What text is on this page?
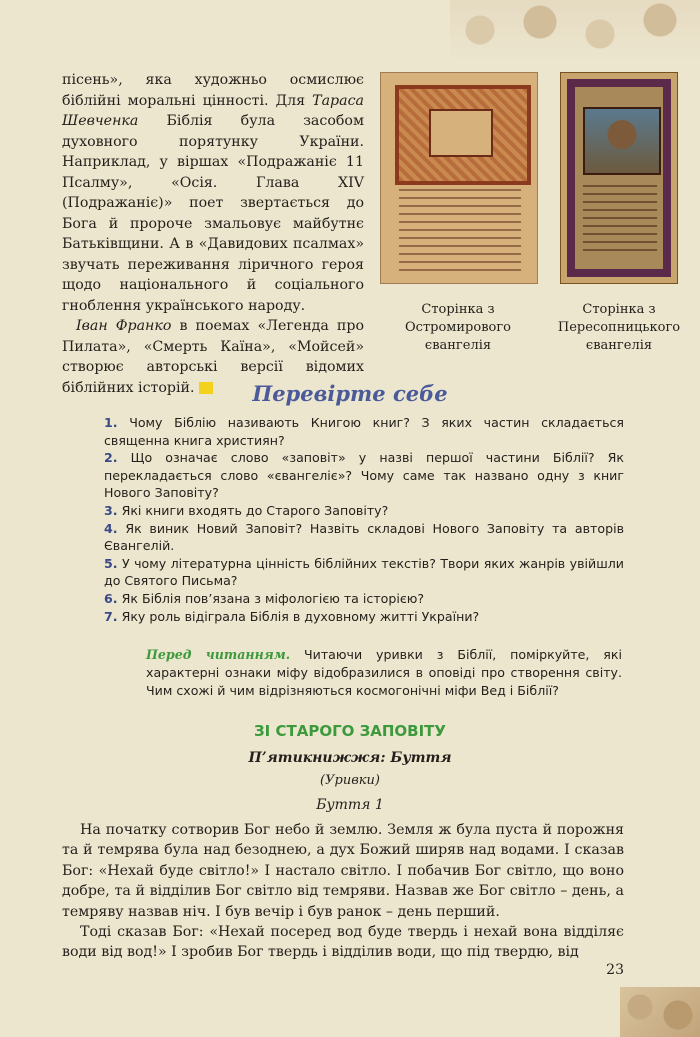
пісень», яка художньо осмислює біблійні моральні цінності. Для Тараса Шевченка Біблія була засобом духовного порятунку України. Наприклад, у віршах «Подражаніє 11 Псалму», «Осія. Глава XIV (Подражаніє)» поет звертається до Бога й пророче змальовує майбутнє Батьківщини. А в «Давидових псалмах» звучать переживання ліричного героя щодо національного й соціального гноблення українського народу.

Іван Франко в поемах «Легенда про Пилата», «Смерть Каїна», «Мойсей» створює авторські версії відомих біблійних історій.

Сторінка з Остромирового євангелія
Сторінка з Пересопницького євангелія
Перевірте себе

1. Чому Біблію називають Книгою книг? З яких частин складається священна книга християн?

2. Що означає слово «заповіт» у назві першої частини Біблії? Як перекладається слово «євангеліє»? Чому саме так названо одну з книг Нового Заповіту?

3. Які книги входять до Старого Заповіту?

4. Як виник Новий Заповіт? Назвіть складові Нового Заповіту та авторів Євангелій.

5. У чому літературна цінність біблійних текстів? Твори яких жанрів увійшли до Святого Письма?

6. Як Біблія пов’язана з міфологією та історією?

7. Яку роль відіграла Біблія в духовному житті України?

Перед читанням. Читаючи уривки з Біблії, поміркуйте, які характерні ознаки міфу відобразилися в оповіді про створення світу. Чим схожі й чим відрізняються космогонічні міфи Вед і Біблії?
ЗІ СТАРОГО ЗАПОВІТУ
П’ятикнижжя: Буття
(Уривки)
Буття 1

На початку сотворив Бог небо й землю. Земля ж була пуста й порожня та й темрява була над безоднею, а дух Божий ширяв над водами. І сказав Бог: «Нехай буде світло!» І настало світло. І побачив Бог світло, що воно добре, та й відділив Бог світло від темряви. Назвав же Бог світло – день, а темряву назвав ніч. І був вечір і був ранок – день перший.

Тоді сказав Бог: «Нехай посеред вод буде твердь і нехай вона відділяє води від вод!» І зробив Бог твердь і відділив води, що під твердю, від

23
